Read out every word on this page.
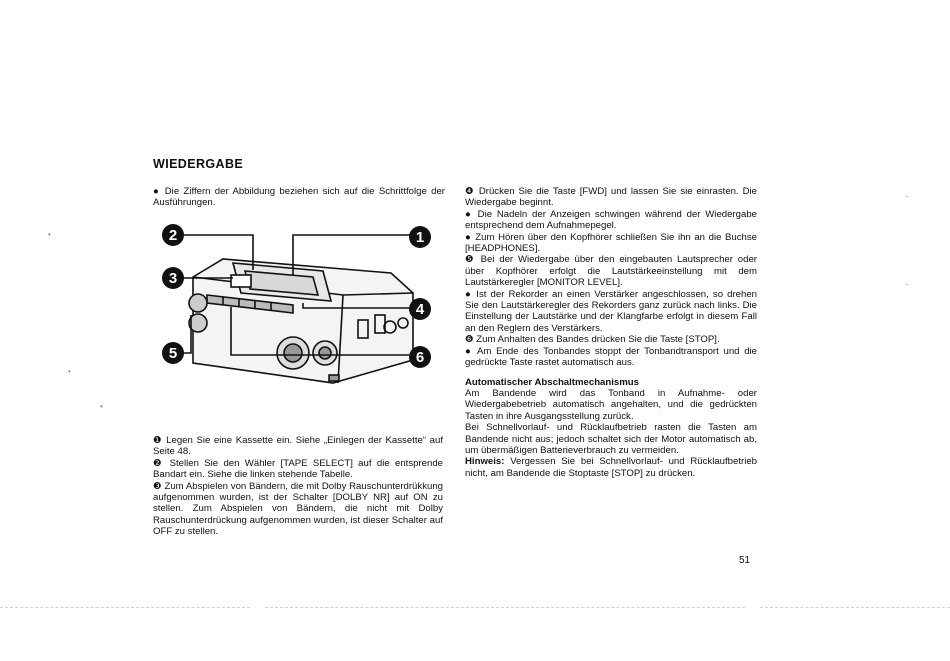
•
•
•
-
-
WIEDERGABE

● Die Ziffern der Abbildung beziehen sich auf die Schrittfolge der Ausführungen.

2	1
3
4
5	6

❶ Legen Sie eine Kassette ein. Siehe „Einlegen der Kassette“ auf Seite 48.

❷ Stellen Sie den Wähler [TAPE SELECT] auf die entsprende Bandart ein. Siehe die linken stehende Tabelle.

❸ Zum Abspielen von Bändern, die mit Dolby Rauschunterdrükkung aufgenommen wurden, ist der Schalter [DOLBY NR] auf ON zu stellen. Zum Abspielen von Bändern, die nicht mit Dolby Rauschunterdrückung aufgenommen wurden, ist dieser Schalter auf OFF zu stellen.

❹ Drücken Sie die Taste [FWD] und lassen Sie sie einrasten. Die Wiedergabe beginnt.

● Die Nadeln der Anzeigen schwingen während der Wiedergabe entsprechend dem Aufnahmepegel.

● Zum Hören über den Kopfhörer schließen Sie ihn an die Buchse [HEADPHONES].

❺ Bei der Wiedergabe über den eingebauten Lautsprecher oder über Kopfhörer erfolgt die Lautstärkeeinstellung mit dem Lautstärkeregler [MONITOR LEVEL].

● Ist der Rekorder an einen Verstärker angeschlossen, so drehen Sie den Lautstärkeregler des Rekorders ganz zurück nach links. Die Einstellung der Lautstärke und der Klangfarbe erfolgt in diesem Fall an den Reglern des Verstärkers.

❻ Zum Anhalten des Bandes drücken Sie die Taste [STOP].

● Am Ende des Tonbandes stoppt der Tonbandtransport und die gedrückte Taste rastet automatisch aus.

Automatischer Abschaltmechanismus

Am Bandende wird das Tonband in Aufnahme- oder Wiedergabebetrieb automatisch angehalten, und die gedrückten Tasten in ihre Ausgangsstellung zurück.

Bei Schnellvorlauf- und Rücklaufbetrieb rasten die Tasten am Bandende nicht aus; jedoch schaltet sich der Motor automatisch ab, um übermäßigen Batterieverbrauch zu vermeiden.

Hinweis: Vergessen Sie bei Schnellvorlauf- und Rücklaufbetrieb nicht, am Bandende die Stoptaste [STOP] zu drücken.

51
